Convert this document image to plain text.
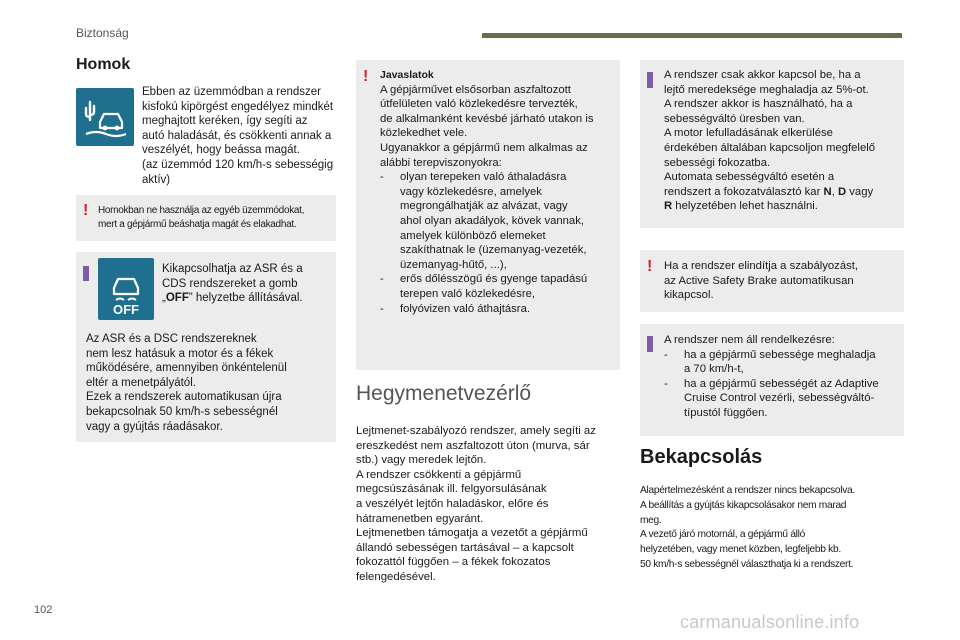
Biztonság
Homok
Ebben az üzemmódban a rendszer
kisfokú kipörgést engedélyez mindkét
meghajtott keréken, így segíti az
autó haladását, és csökkenti annak a
veszélyét, hogy beássa magát.
(az üzemmód 120 km/h-s sebességig
aktív)
! Homokban ne használja az egyéb üzemmódokat,
mert a gépjármű beáshatja magát és elakadhat.
OFF
Kikapcsolhatja az ASR és a
CDS rendszereket a gomb
„OFF” helyzetbe állításával.
Az ASR és a DSC rendszereknek
nem lesz hatásuk a motor és a fékek
működésére, amennyiben önkéntelenül
eltér a menetpályától.
Ezek a rendszerek automatikusan újra
bekapcsolnak 50 km/h-s sebességnél
vagy a gyújtás ráadásakor.
! Javaslatok
A gépjárművet elsősorban aszfaltozott
útfelületen való közlekedésre tervezték,
de alkalmanként kevésbé járható utakon is
közlekedhet vele.
Ugyanakkor a gépjármű nem alkalmas az
alábbi terepviszonyokra:
-	olyan terepeken való áthaladásra
vagy közlekedésre, amelyek
megrongálhatják az alvázat, vagy
ahol olyan akadályok, kövek vannak,
amelyek különböző elemeket
szakíthatnak le (üzemanyag-vezeték,
üzemanyag-hűtő, ...),
-	erős dőlésszögű és gyenge tapadású
terepen való közlekedésre,
-	folyóvizen való áthajtásra.
Hegymenetvezérlő
Lejtmenet-szabályozó rendszer, amely segíti az
ereszkedést nem aszfaltozott úton (murva, sár
stb.) vagy meredek lejtőn.
A rendszer csökkenti a gépjármű
megcsúszásának ill. felgyorsulásának
a veszélyét lejtőn haladáskor, előre és
hátramenetben egyaránt.
Lejtmenetben támogatja a vezetőt a gépjármű
állandó sebességen tartásával – a kapcsolt
fokozattól függően – a fékek fokozatos
felengedésével.
A rendszer csak akkor kapcsol be, ha a
lejtő meredeksége meghaladja az 5%-ot.
A rendszer akkor is használható, ha a
sebességváltó üresben van.
A motor lefulladásának elkerülése
érdekében általában kapcsoljon megfelelő
sebességi fokozatba.
Automata sebességváltó esetén a
rendszert a fokozatválasztó kar N, D vagy
R helyzetében lehet használni.
! Ha a rendszer elindítja a szabályozást,
az Active Safety Brake automatikusan
kikapcsol.
A rendszer nem áll rendelkezésre:
-	ha a gépjármű sebessége meghaladja
a 70 km/h-t,
-	ha a gépjármű sebességét az Adaptive
Cruise Control vezérli, sebességváltó-
típustól függően.
Bekapcsolás
Alapértelmezésként a rendszer nincs bekapcsolva.
A beállítás a gyújtás kikapcsolásakor nem marad
meg.
A vezető járó motornál, a gépjármű álló
helyzetében, vagy menet közben, legfeljebb kb.
50 km/h-s sebességnél választhatja ki a rendszert.
102
carmanualsonline.info
